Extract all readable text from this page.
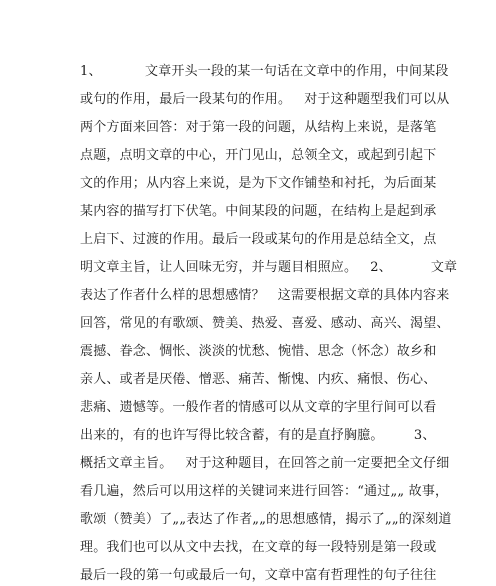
1、          文章开头一段的某一句话在文章中的作用，中间某段
或句的作用，最后一段某句的作用。   对于这种题型我们可以从
两个方面来回答：对于第一段的问题，从结构上来说，是落笔
点题，点明文章的中心，开门见山，总领全文，或起到引起下
文的作用；从内容上来说，是为下文作铺垫和衬托，为后面某
某内容的描写打下伏笔。中间某段的问题，在结构上是起到承
上启下、过渡的作用。最后一段或某句的作用是总结全文，点
明文章主旨，让人回味无穷，并与题目相照应。   2、         文章
表达了作者什么样的思想感情？   这需要根据文章的具体内容来
回答，常见的有歌颂、赞美、热爱、喜爱、感动、高兴、渴望、
震撼、眷念、惆怅、淡淡的忧愁、惋惜、思念（怀念）故乡和
亲人、或者是厌倦、憎恶、痛苦、惭愧、内疚、痛恨、伤心、
悲痛、遗憾等。一般作者的情感可以从文章的字里行间可以看
出来的，有的也许写得比较含蓄，有的是直抒胸臆。       3、
概括文章主旨。   对于这种题目，在回答之前一定要把全文仔细
看几遍，然后可以用这样的关键词来进行回答：“通过„„ 故事，
歌颂（赞美）了„„表达了作者„„的思想感情，揭示了„„的深刻道
理。我们也可以从文中去找，在文章的每一段特别是第一段或
最后一段的第一句或最后一句，文章中富有哲理性的句子往往
